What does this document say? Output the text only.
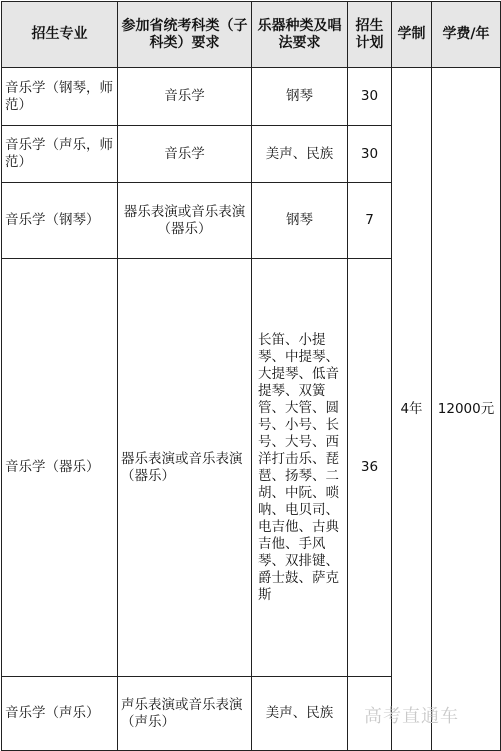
招生专业	参加省统考科类（子科类）要求	乐器种类及唱法要求	招生计划	学制	学费/年
音乐学（钢琴，师范）	音乐学	钢琴	30	4年	12000元
音乐学（声乐，师范）	音乐学	美声、民族	30		
音乐学（钢琴）	器乐表演或音乐表演（器乐）	钢琴	7		
音乐学（器乐）	器乐表演或音乐表演（器乐）	长笛、小提琴、中提琴、大提琴、低音提琴、双簧管、大管、圆号、小号、长号、大号、西洋打击乐、琵琶、扬琴、二胡、中阮、唢呐、电贝司、电吉他、古典吉他、手风琴、双排键、爵士鼓、萨克斯	36		
音乐学（声乐）	声乐表演或音乐表演（声乐）	美声、民族			高考直通车
